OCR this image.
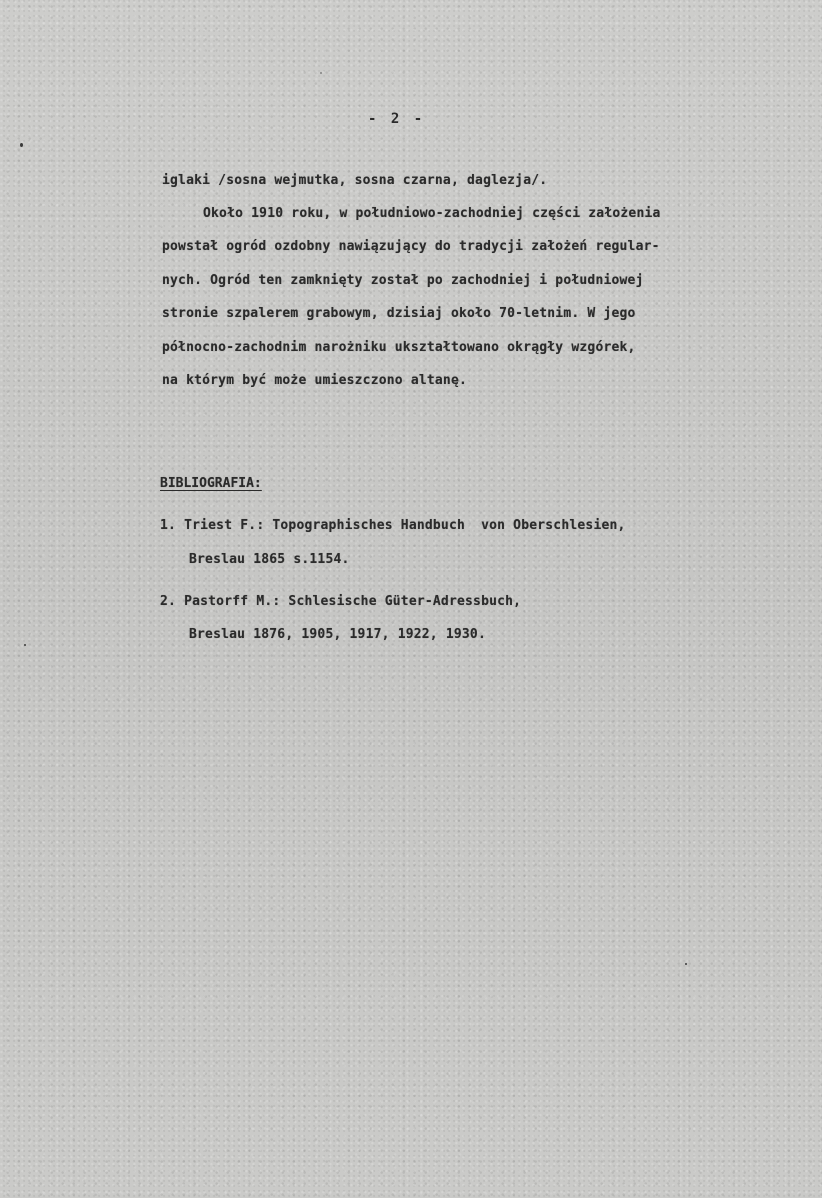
- 2 -
iglaki /sosna wejmutka, sosna czarna, daglezja/.
Około 1910 roku, w południowo-zachodniej części założenia
powstał ogród ozdobny nawiązujący do tradycji założeń regular-
nych. Ogród ten zamknięty został po zachodniej i południowej
stronie szpalerem grabowym, dzisiaj około 70-letnim. W jego
północno-zachodnim narożniku ukształtowano okrągły wzgórek,
na którym być może umieszczono altanę.
BIBLIOGRAFIA:
1. Triest F.: Topographisches Handbuch  von Oberschlesien,
Breslau 1865 s.1154.
2. Pastorff M.: Schlesische Güter-Adressbuch,
Breslau 1876, 1905, 1917, 1922, 1930.
